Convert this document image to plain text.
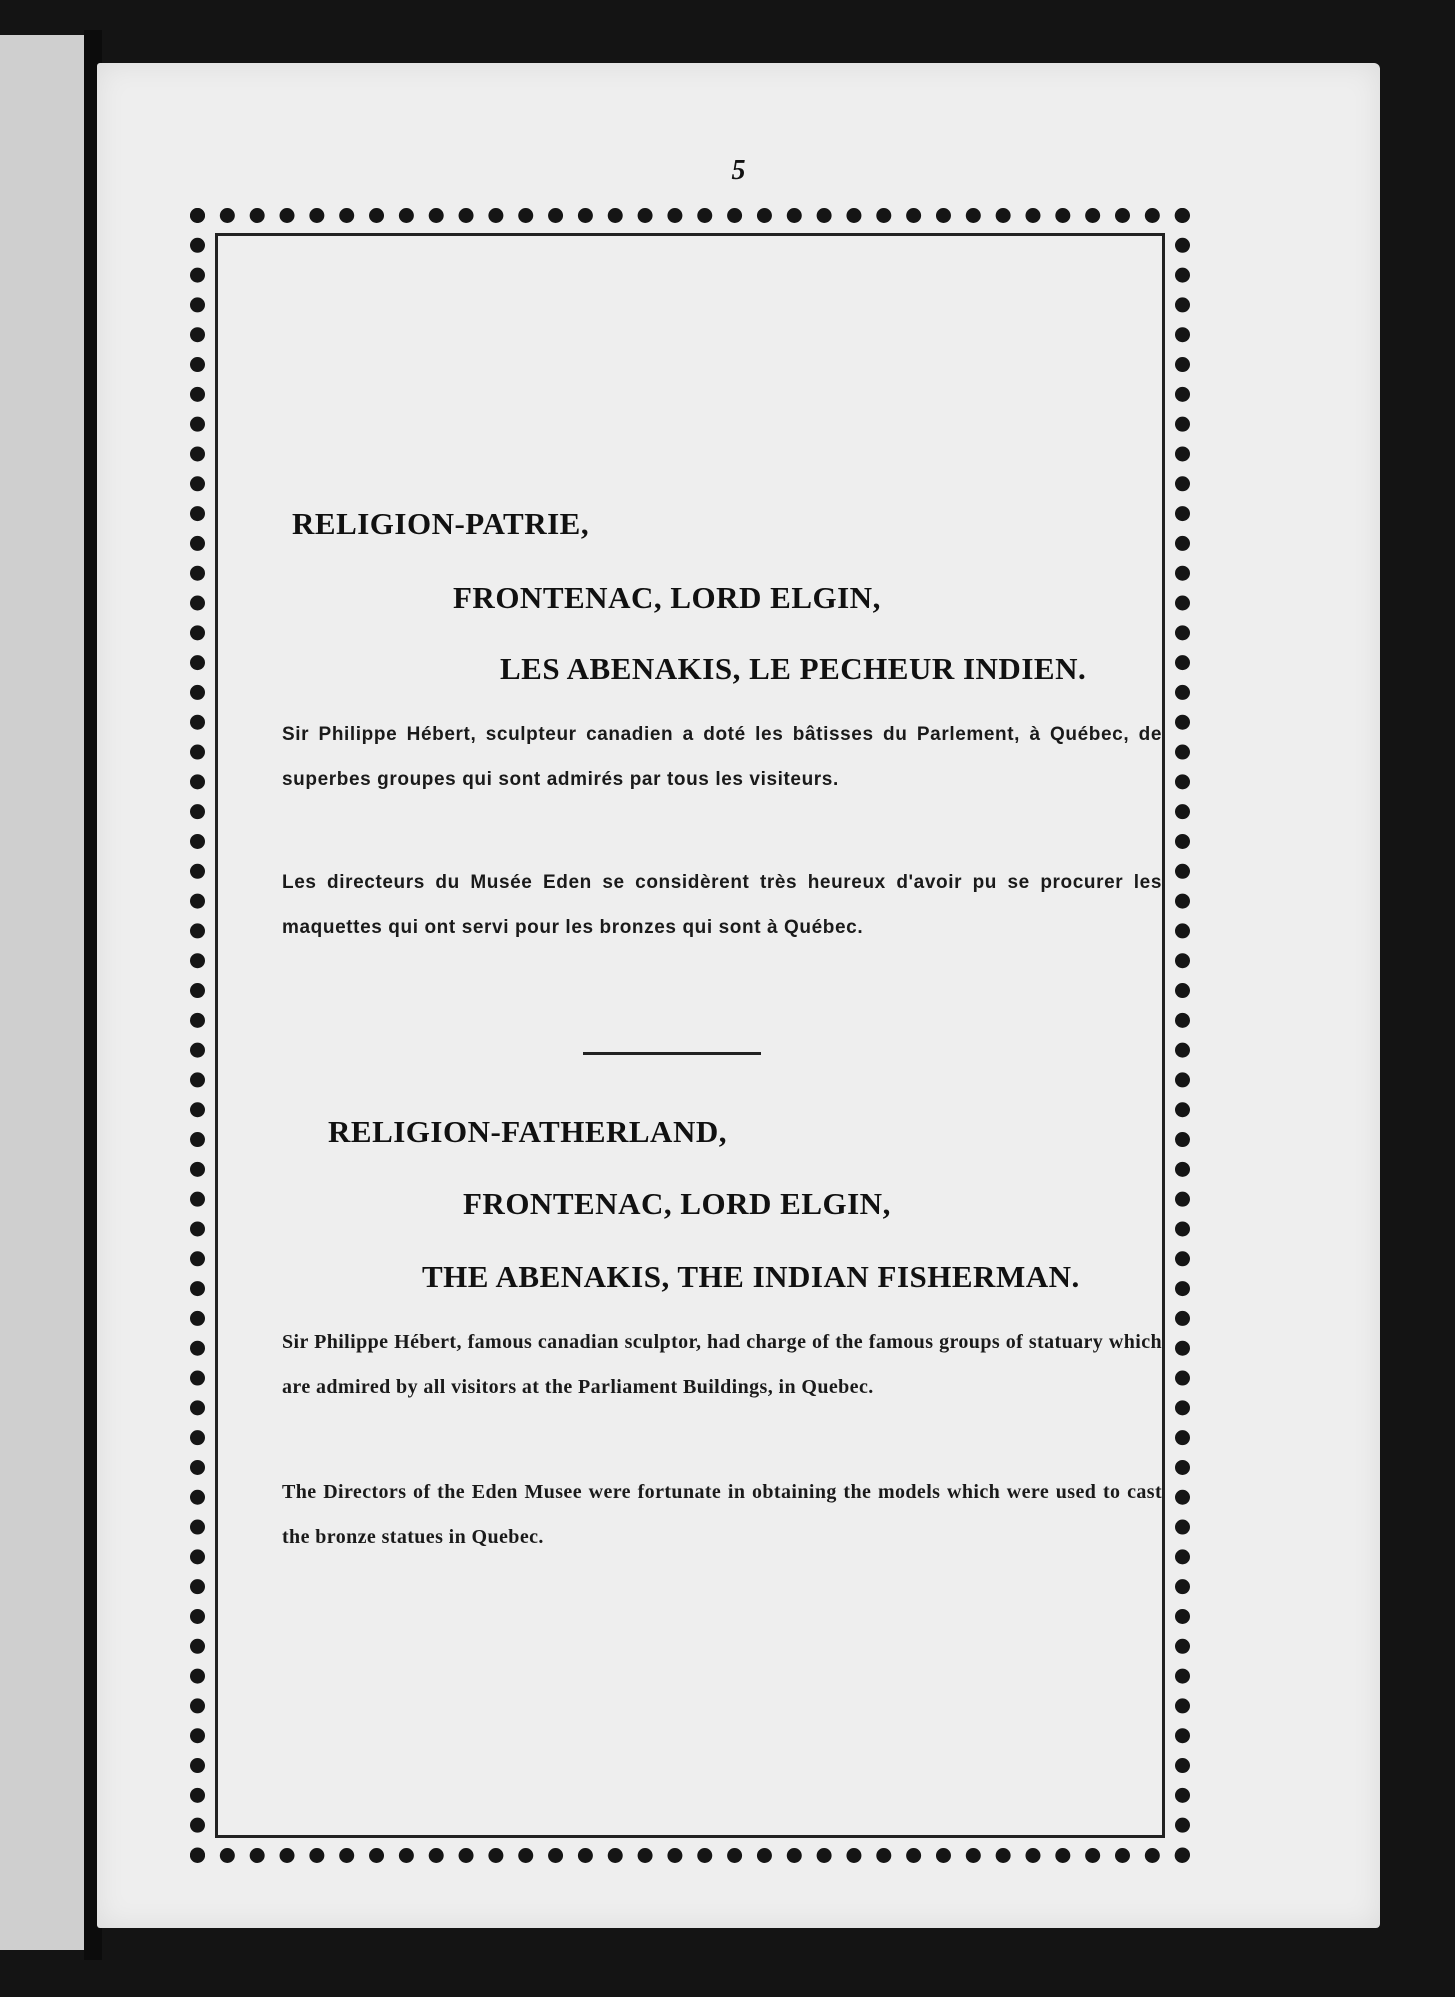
5
RELIGION-PATRIE,
FRONTENAC, LORD ELGIN,
LES ABENAKIS, LE PECHEUR INDIEN.
Sir Philippe Hébert, sculpteur canadien a doté les bâtisses du Parlement, à Québec, de superbes groupes qui sont admirés par tous les visiteurs.
Les directeurs du Musée Eden se considèrent très heureux d'avoir pu se procurer les maquettes qui ont servi pour les bronzes qui sont à Québec.
RELIGION-FATHERLAND,
FRONTENAC, LORD ELGIN,
THE ABENAKIS, THE INDIAN FISHERMAN.
Sir Philippe Hébert, famous canadian sculptor, had charge of the famous groups of statuary which are admired by all visitors at the Parliament Buildings, in Quebec.
The Directors of the Eden Musee were fortunate in obtaining the models which were used to cast the bronze statues in Quebec.
